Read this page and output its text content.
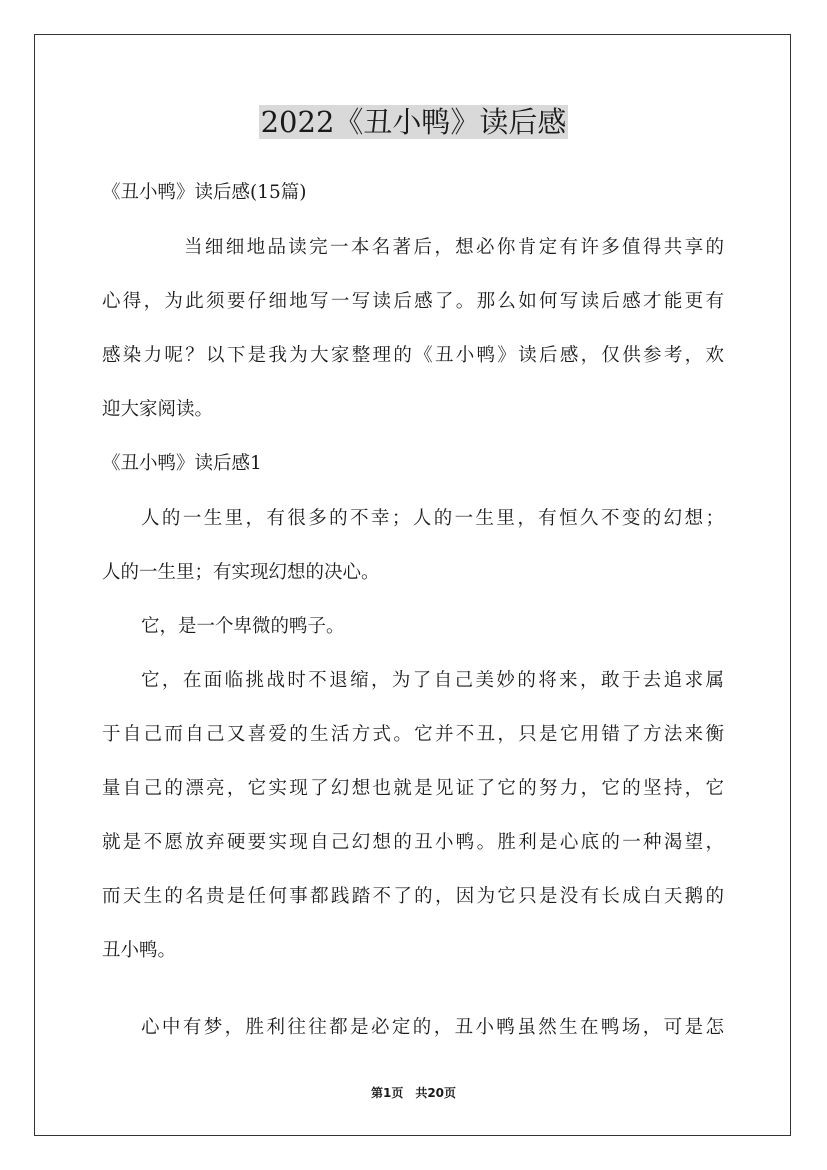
2022《丑小鸭》读后感
《丑小鸭》读后感(15篇)
当细细地品读完一本名著后，想必你肯定有许多值得共享的
心得，为此须要仔细地写一写读后感了。那么如何写读后感才能更有
感染力呢？以下是我为大家整理的《丑小鸭》读后感，仅供参考，欢
迎大家阅读。
《丑小鸭》读后感1
人的一生里，有很多的不幸；人的一生里，有恒久不变的幻想；
人的一生里；有实现幻想的决心。
它，是一个卑微的鸭子。
它，在面临挑战时不退缩，为了自己美妙的将来，敢于去追求属
于自己而自己又喜爱的生活方式。它并不丑，只是它用错了方法来衡
量自己的漂亮，它实现了幻想也就是见证了它的努力，它的坚持，它
就是不愿放弃硬要实现自己幻想的丑小鸭。胜利是心底的一种渴望，
而天生的名贵是任何事都践踏不了的，因为它只是没有长成白天鹅的
丑小鸭。
心中有梦，胜利往往都是必定的，丑小鸭虽然生在鸭场，可是怎
第1页　共20页
